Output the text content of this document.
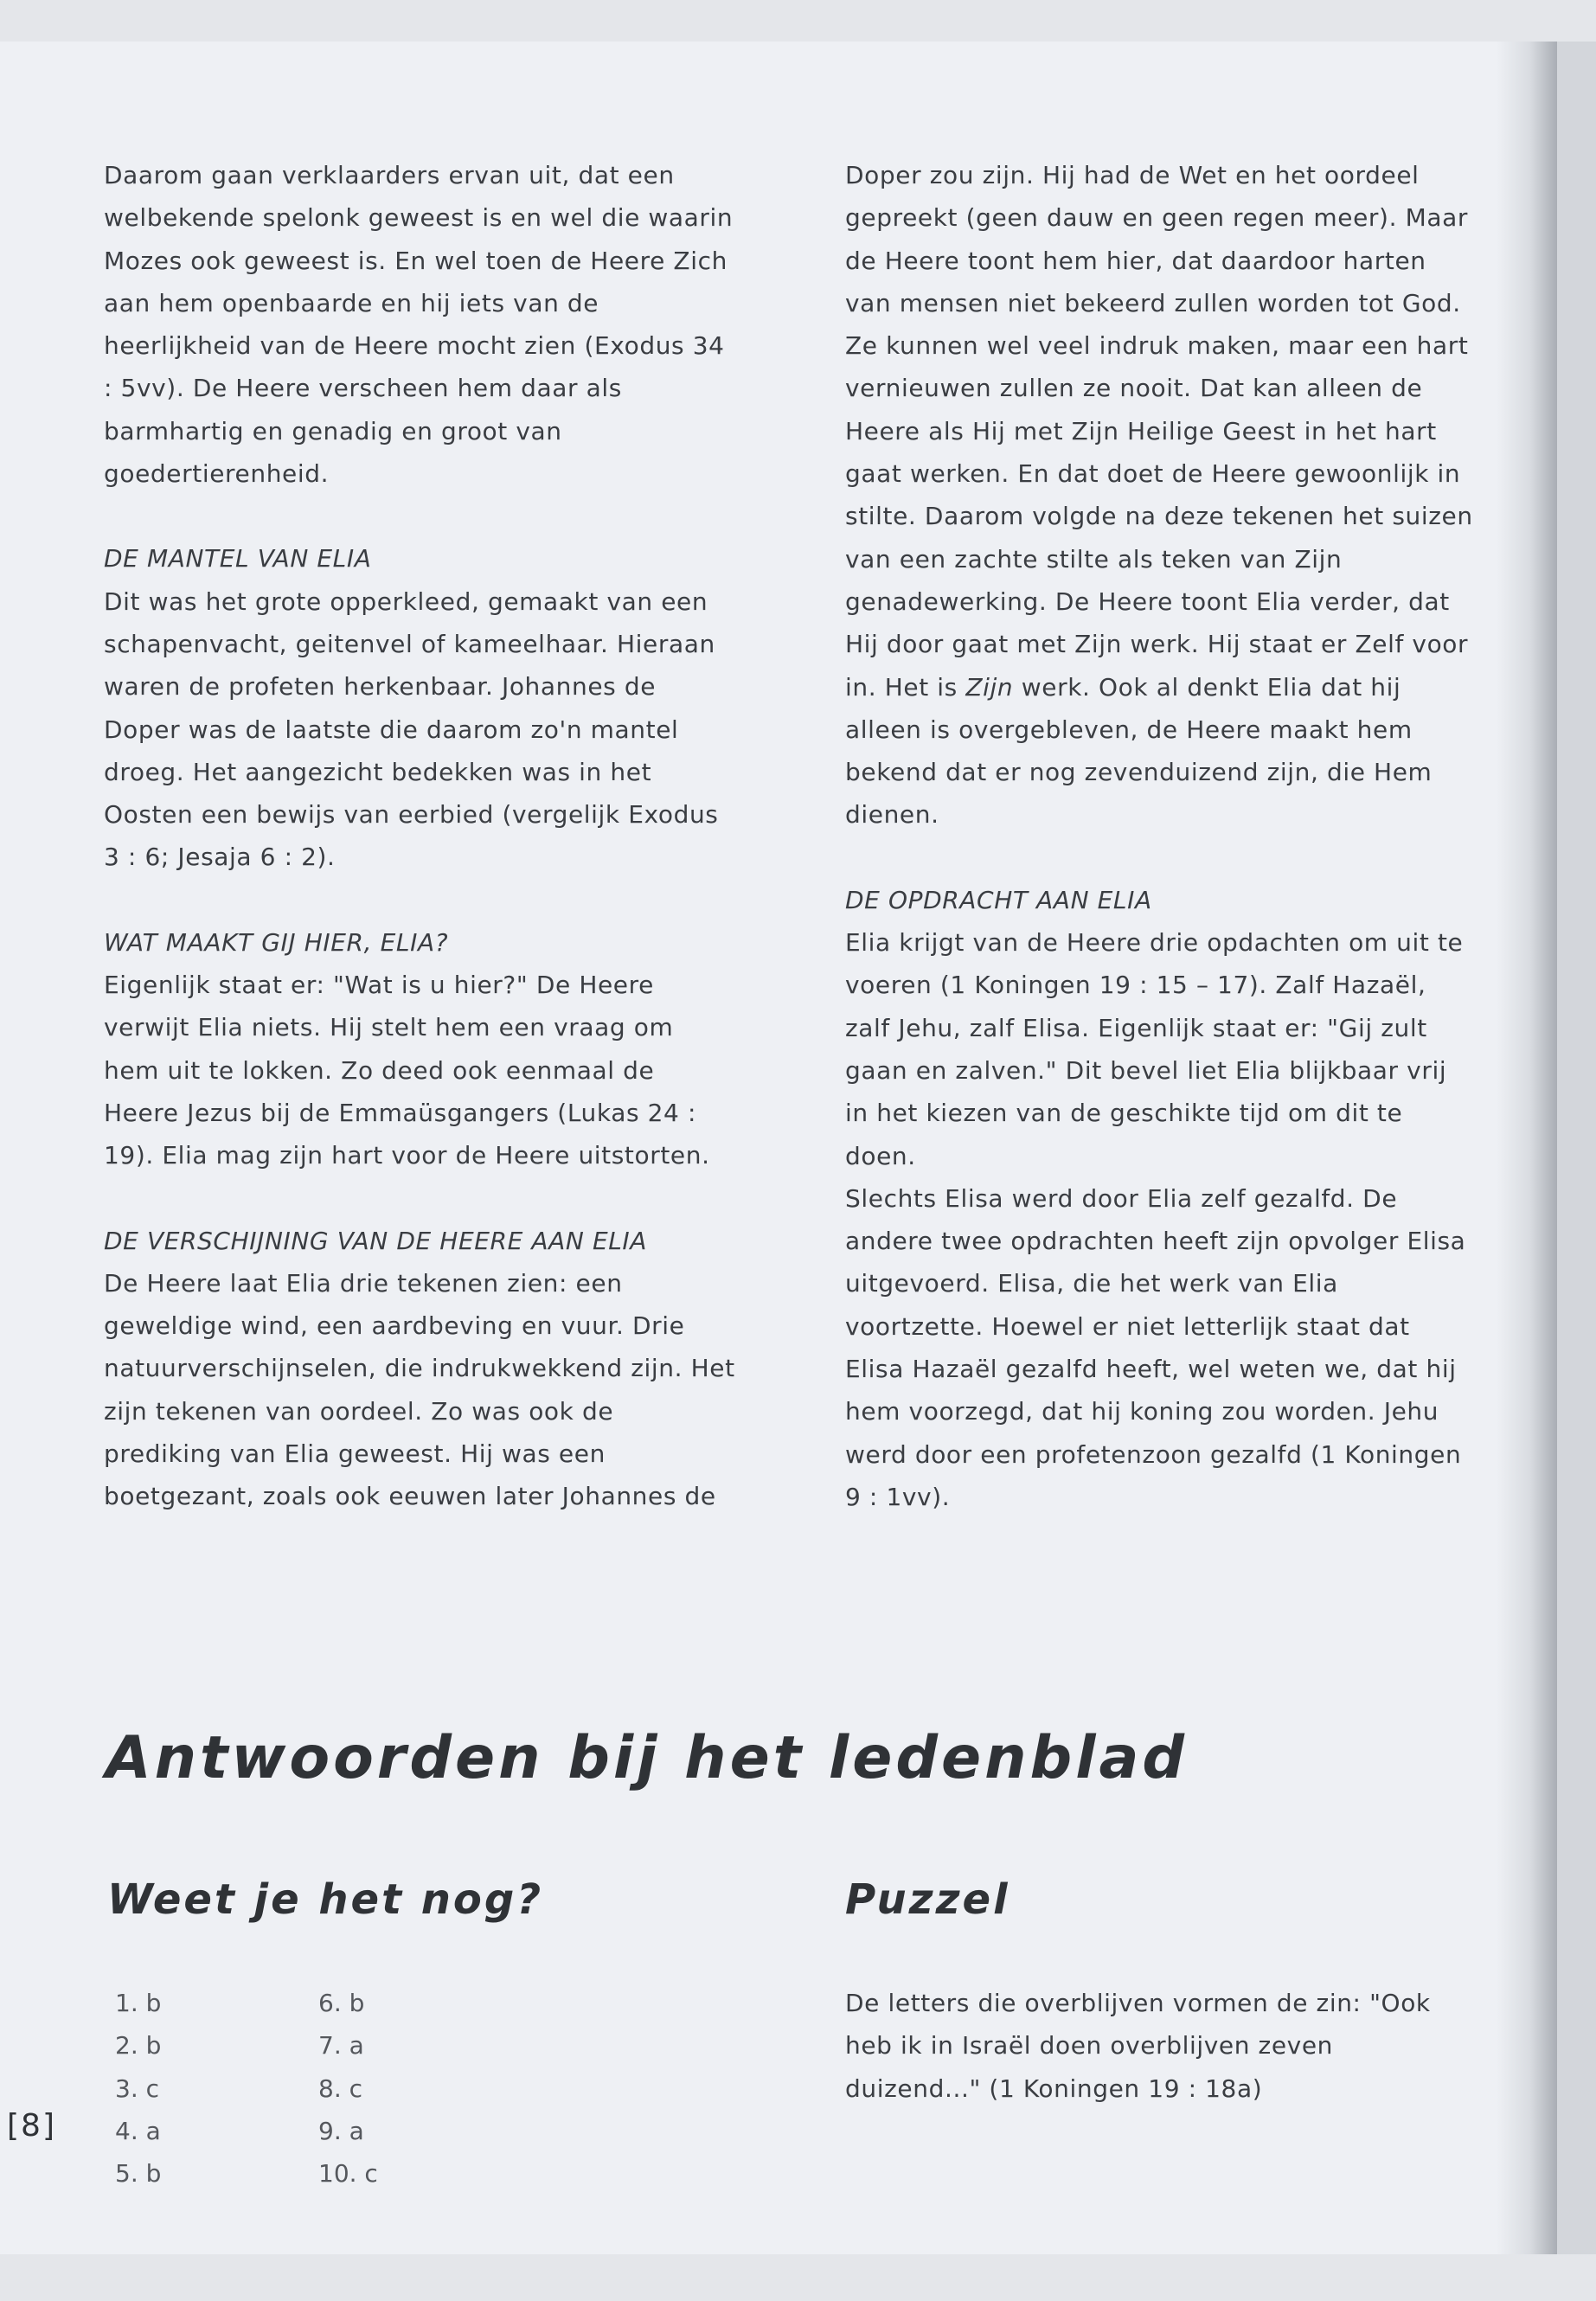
Daarom gaan verklaarders ervan uit, dat een welbekende spelonk geweest is en wel die waarin Mozes ook geweest is. En wel toen de Heere Zich aan hem openbaarde en hij iets van de heerlijkheid van de Heere mocht zien (Exodus 34 : 5vv). De Heere verscheen hem daar als barmhartig en genadig en groot van goedertierenheid.

DE MANTEL VAN ELIA

Dit was het grote opperkleed, gemaakt van een schapenvacht, geitenvel of kameelhaar. Hieraan waren de profeten herkenbaar. Johannes de Doper was de laatste die daarom zo'n mantel droeg. Het aangezicht bedekken was in het Oosten een bewijs van eerbied (vergelijk Exodus 3 : 6; Jesaja 6 : 2).

WAT MAAKT GIJ HIER, ELIA?

Eigenlijk staat er: "Wat is u hier?" De Heere verwijt Elia niets. Hij stelt hem een vraag om hem uit te lokken. Zo deed ook eenmaal de Heere Jezus bij de Emmaüsgangers (Lukas 24 : 19). Elia mag zijn hart voor de Heere uitstorten.

DE VERSCHIJNING VAN DE HEERE AAN ELIA

De Heere laat Elia drie tekenen zien: een geweldige wind, een aardbeving en vuur. Drie natuurverschijnselen, die indrukwekkend zijn. Het zijn tekenen van oordeel. Zo was ook de prediking van Elia geweest. Hij was een boetgezant, zoals ook eeuwen later Johannes de

Doper zou zijn. Hij had de Wet en het oordeel gepreekt (geen dauw en geen regen meer). Maar de Heere toont hem hier, dat daardoor harten van mensen niet bekeerd zullen worden tot God. Ze kunnen wel veel indruk maken, maar een hart vernieuwen zullen ze nooit. Dat kan alleen de Heere als Hij met Zijn Heilige Geest in het hart gaat werken. En dat doet de Heere gewoonlijk in stilte. Daarom volgde na deze tekenen het suizen van een zachte stilte als teken van Zijn genadewerking. De Heere toont Elia verder, dat Hij door gaat met Zijn werk. Hij staat er Zelf voor in. Het is Zijn werk. Ook al denkt Elia dat hij alleen is overgebleven, de Heere maakt hem bekend dat er nog zevenduizend zijn, die Hem dienen.

DE OPDRACHT AAN ELIA

Elia krijgt van de Heere drie opdachten om uit te voeren (1 Koningen 19 : 15 – 17). Zalf Hazaël, zalf Jehu, zalf Elisa. Eigenlijk staat er: "Gij zult gaan en zalven." Dit bevel liet Elia blijkbaar vrij in het kiezen van de geschikte tijd om dit te doen.

Slechts Elisa werd door Elia zelf gezalfd. De andere twee opdrachten heeft zijn opvolger Elisa uitgevoerd. Elisa, die het werk van Elia voortzette. Hoewel er niet letterlijk staat dat Elisa Hazaël gezalfd heeft, wel weten we, dat hij hem voorzegd, dat hij koning zou worden. Jehu werd door een profetenzoon gezalfd (1 Koningen 9 : 1vv).

Antwoorden bij het ledenblad
Weet je het nog?	Puzzel
1. b	6. b
2. b	7. a
3. c	8. c
4. a	9. a
5. b	10. c

De letters die overblijven vormen de zin: "Ook heb ik in Israël doen overblijven zeven duizend..." (1 Koningen 19 : 18a)

[8]
